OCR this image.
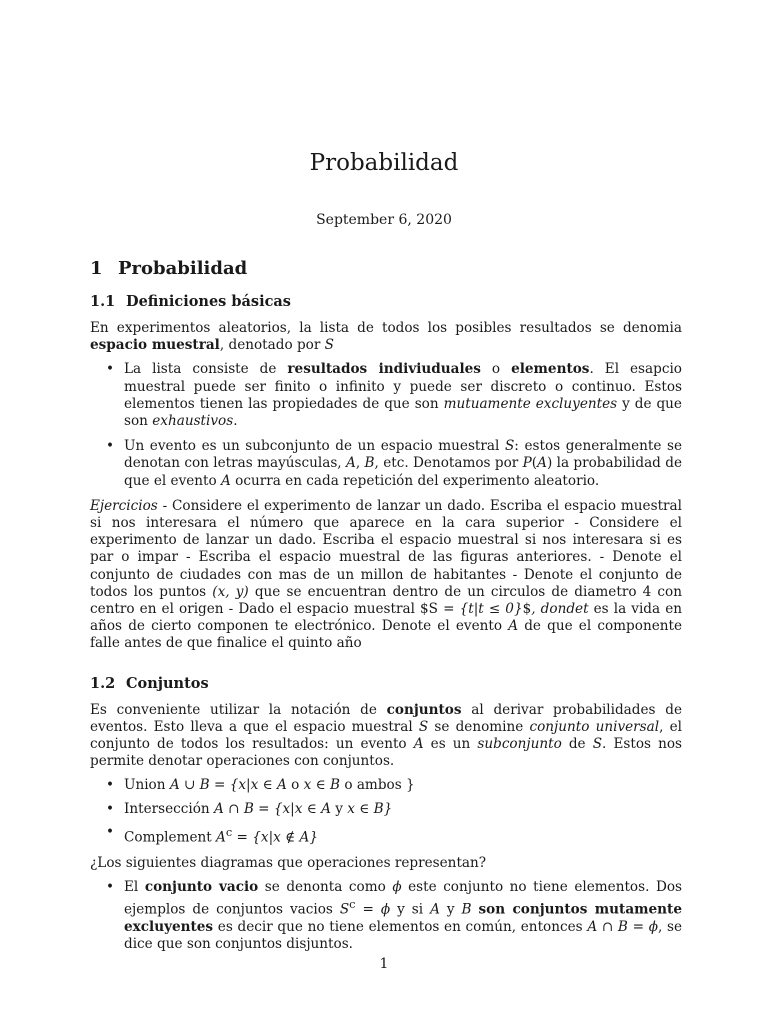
Probabilidad
September 6, 2020
1 Probabilidad
1.1 Definiciones básicas

En experimentos aleatorios, la lista de todos los posibles resultados se denomia espacio muestral, denotado por S

• La lista consiste de resultados indiviuduales o elementos. El esapcio muestral puede ser finito o infinito y puede ser discreto o continuo. Estos elementos tienen las propiedades de que son mutuamente excluyentes y de que son exhaustivos.
• Un evento es un subconjunto de un espacio muestral S: estos generalmente se denotan con letras mayúsculas, A, B, etc. Denotamos por P(A) la probabilidad de que el evento A ocurra en cada repetición del experimento aleatorio.

Ejercicios - Considere el experimento de lanzar un dado. Escriba el espacio muestral si nos interesara el número que aparece en la cara superior - Considere el experimento de lanzar un dado. Escriba el espacio muestral si nos interesara si es par o impar - Escriba el espacio muestral de las figuras anteriores. - Denote el conjunto de ciudades con mas de un millon de habitantes - Denote el conjunto de todos los puntos (x, y) que se encuentran dentro de un circulos de diametro 4 con centro en el origen - Dado el espacio muestral $S = {t|t ≤ 0}$, dondet es la vida en años de cierto componen te electrónico. Denote el evento A de que el componente falle antes de que finalice el quinto año

1.2 Conjuntos

Es conveniente utilizar la notación de conjuntos al derivar probabilidades de eventos. Esto lleva a que el espacio muestral S se denomine conjunto universal, el conjunto de todos los resultados: un evento A es un subconjunto de S. Estos nos permite denotar operaciones con conjuntos.

• Union A ∪ B = {x|x ∈ A o x ∈ B o ambos }
• Intersección A ∩ B = {x|x ∈ A y x ∈ B}
• Complement $A^c = \{x|x$ ∉ A}

¿Los siguientes diagramas que operaciones representan?

• El conjunto vacio se denonta como ϕ este conjunto no tiene elementos. Dos ejemplos de conjuntos vacios $S^c = \phi$ y si A y B son conjuntos mutamente excluyentes es decir que no tiene elementos en común, entonces A ∩ B = ϕ, se dice que son conjuntos disjuntos.
1
